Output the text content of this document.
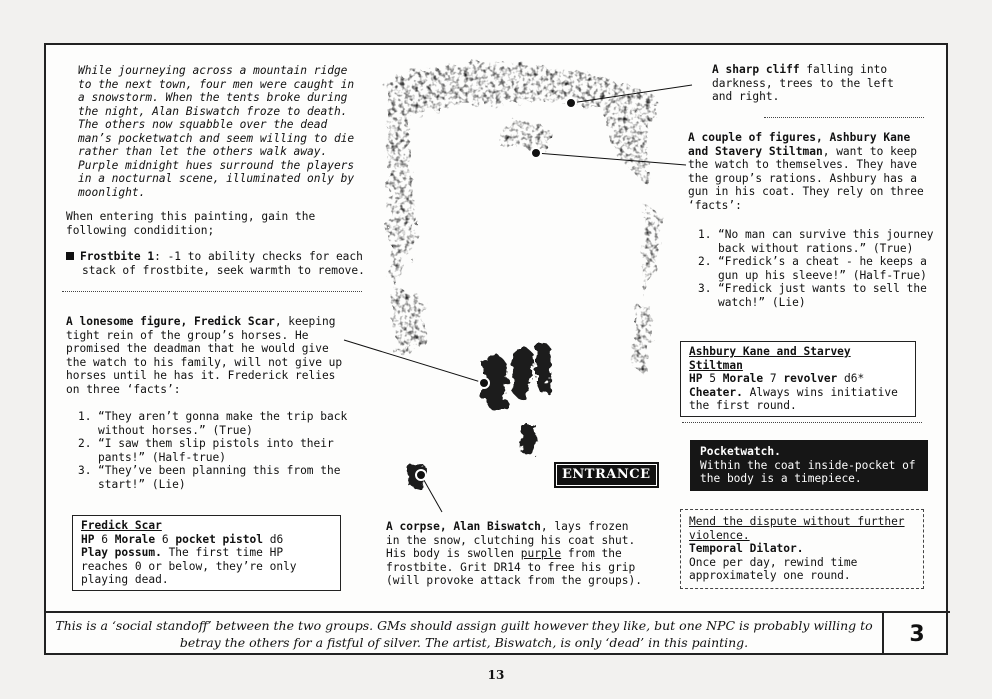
While journeying across a mountain ridge to the next town, four men were caught in a snowstorm. When the tents broke during the night, Alan Biswatch froze to death. The others now squabble over the dead man’s pocketwatch and seem willing to die rather than let the others walk away. Purple midnight hues surround the players in a nocturnal scene, illuminated only by moonlight.
When entering this painting, gain the following condidition;
Frostbite 1: -1 to ability checks for each stack of frostbite, seek warmth to remove.
A lonesome figure, Fredick Scar, keeping tight rein of the group’s horses. He promised the deadman that he would give the watch to his family, will not give up horses until he has it. Frederick relies on three ‘facts’:
1. “They aren’t gonna make the trip back without horses.” (True)
2. “I saw them slip pistols into their pants!” (Half-true)
3. “They’ve been planning this from the start!” (Lie)
Fredick Scar
HP 6 Morale 6 pocket pistol d6
Play possum. The first time HP reaches 0 or below, they’re only playing dead.
A sharp cliff falling into darkness, trees to the left and right.
A couple of figures, Ashbury Kane and Stavery Stiltman, want to keep the watch to themselves. They have the group’s rations. Ashbury has a gun in his coat. They rely on three ‘facts’:
1. “No man can survive this journey back without rations.” (True)
2. “Fredick’s a cheat - he keeps a gun up his sleeve!” (Half-True)
3. “Fredick just wants to sell the watch!” (Lie)
Ashbury Kane and Starvey Stiltman
HP 5 Morale 7 revolver d6*
Cheater. Always wins initiative the first round.
Pocketwatch.
Within the coat inside-pocket of the body is a timepiece.
Mend the dispute without further violence.
Temporal Dilator.
Once per day, rewind time approximately one round.
A corpse, Alan Biswatch, lays frozen in the snow, clutching his coat shut. His body is swollen purple from the frostbite. Grit DR14 to free his grip (will provoke attack from the groups).
ENTRANCE
This is a ‘social standoff’ between the two groups. GMs should assign guilt however they like, but one NPC is probably willing to betray the others for a fistful of silver. The artist, Biswatch, is only ‘dead’ in this painting.	3
13
